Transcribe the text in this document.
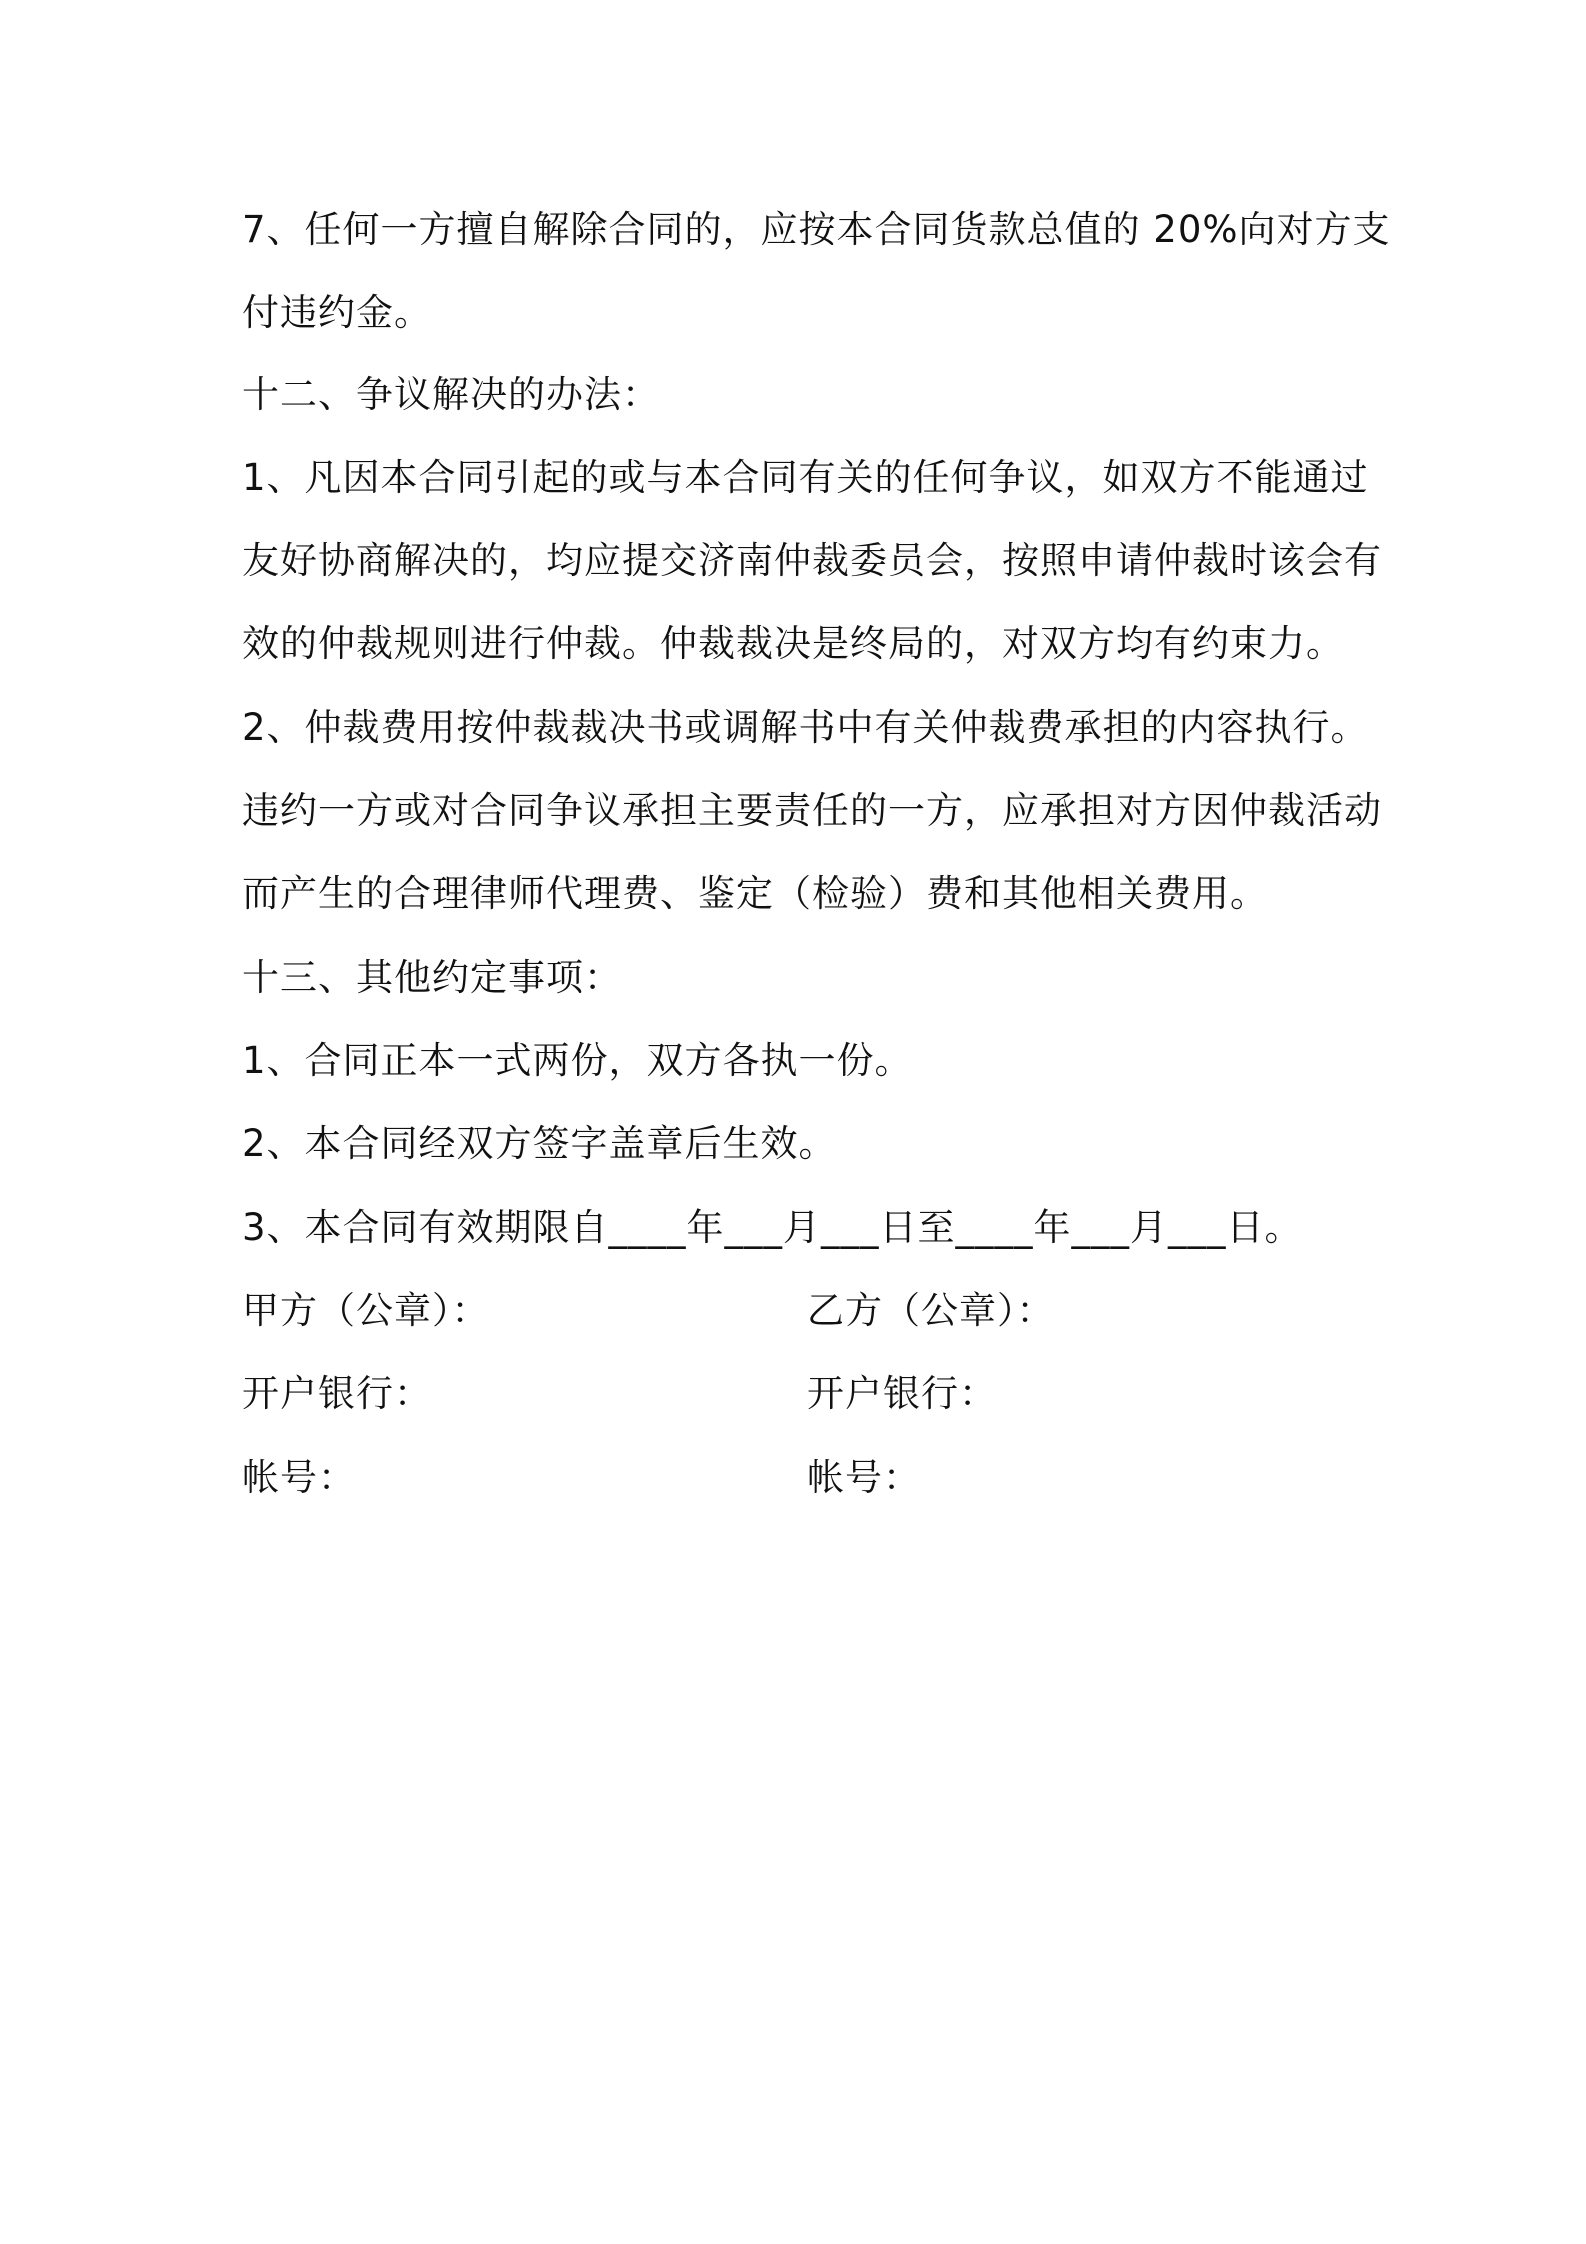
7、任何一方擅自解除合同的，应按本合同货款总值的 20%向对方支
付违约金。
十二、争议解决的办法：
1、凡因本合同引起的或与本合同有关的任何争议，如双方不能通过
友好协商解决的，均应提交济南仲裁委员会，按照申请仲裁时该会有
效的仲裁规则进行仲裁。仲裁裁决是终局的，对双方均有约束力。
2、仲裁费用按仲裁裁决书或调解书中有关仲裁费承担的内容执行。
违约一方或对合同争议承担主要责任的一方，应承担对方因仲裁活动
而产生的合理律师代理费、鉴定（检验）费和其他相关费用。
十三、其他约定事项：
1、合同正本一式两份，双方各执一份。
2、本合同经双方签字盖章后生效。
3、本合同有效期限自____年___月___日至____年___月___日。
甲方（公章）：	乙方（公章）：
开户银行：	开户银行：
帐号：	帐号：
